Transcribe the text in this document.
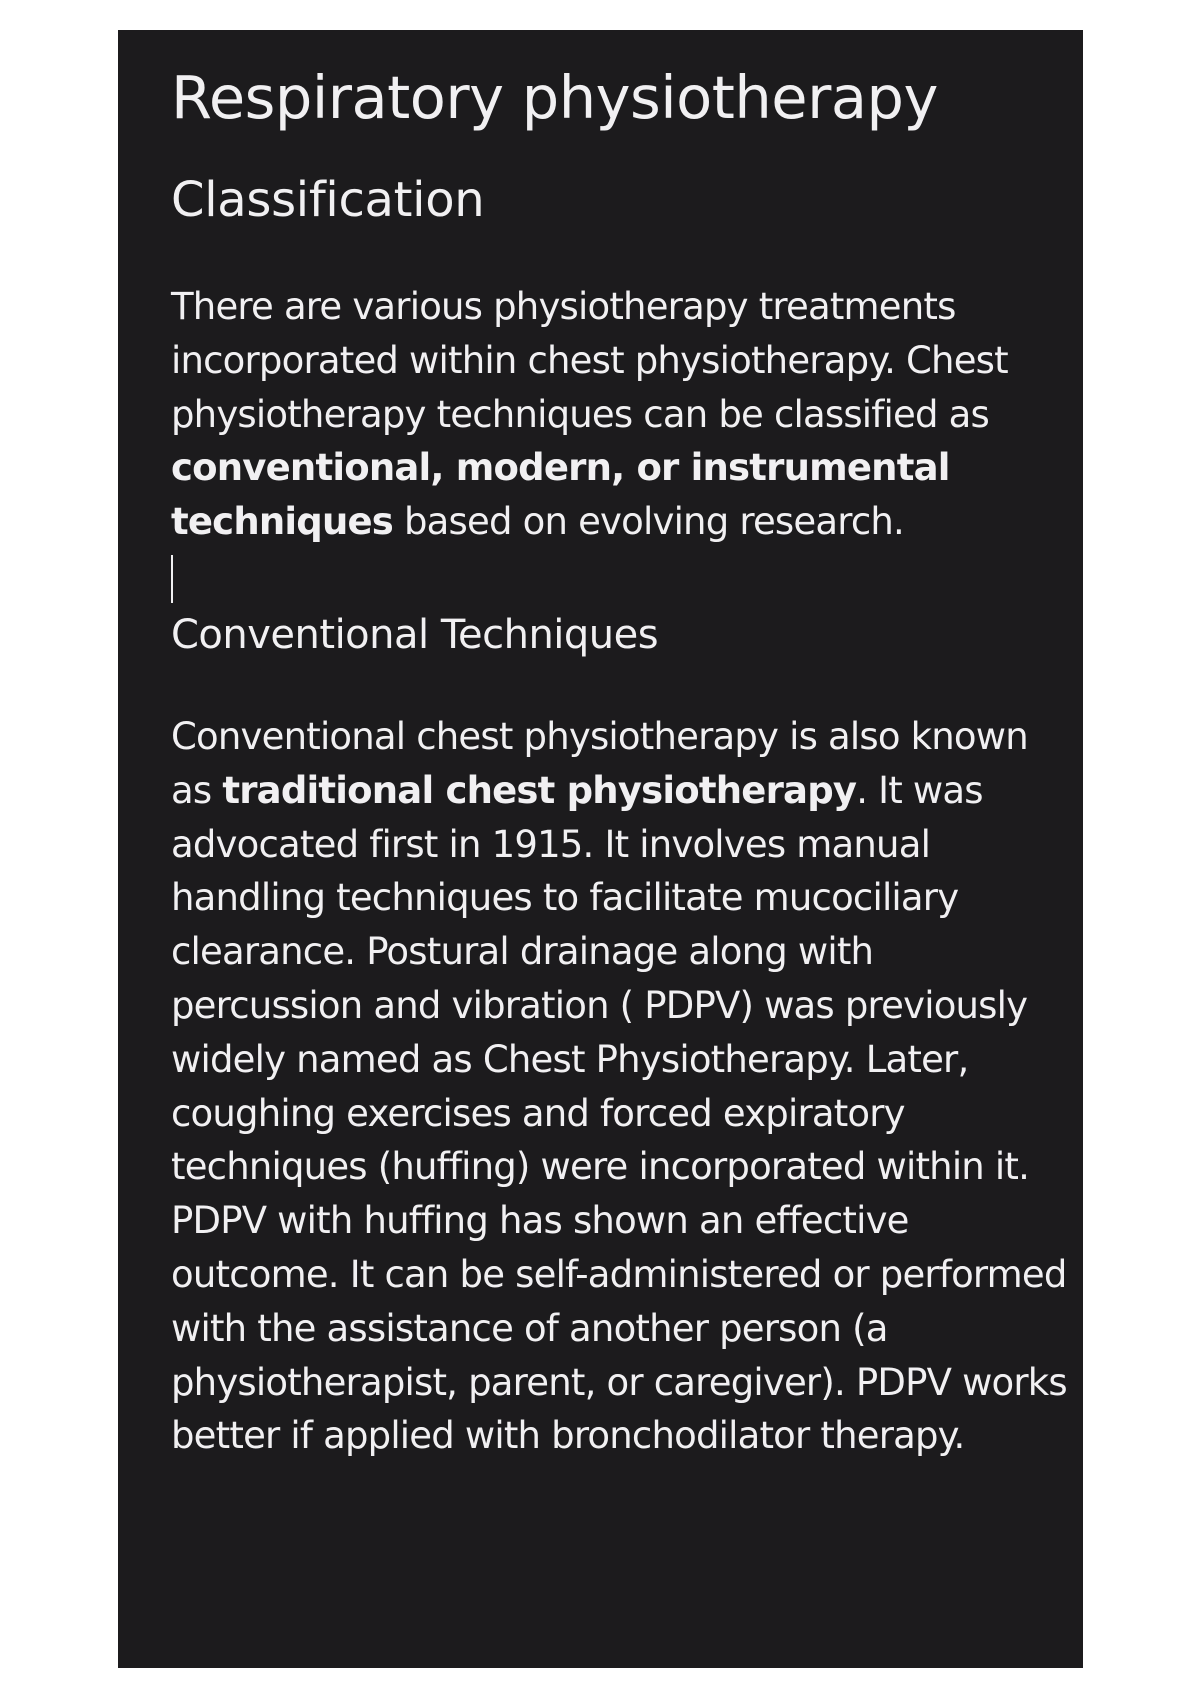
Respiratory physiotherapy
Classification

There are various physiotherapy treatments incorporated within chest physiotherapy. Chest physiotherapy techniques can be classified as conventional, modern, or instrumental techniques based on evolving research.

Conventional Techniques

Conventional chest physiotherapy is also known as traditional chest physiotherapy. It was advocated first in 1915. It involves manual handling techniques to facilitate mucociliary clearance. Postural drainage along with percussion and vibration ( PDPV) was previously widely named as Chest Physiotherapy. Later, coughing exercises and forced expiratory techniques (huffing) were incorporated within it. PDPV with huffing has shown an effective outcome. It can be self-administered or performed with the assistance of another person (a physiotherapist, parent, or caregiver). PDPV works better if applied with bronchodilator therapy.
